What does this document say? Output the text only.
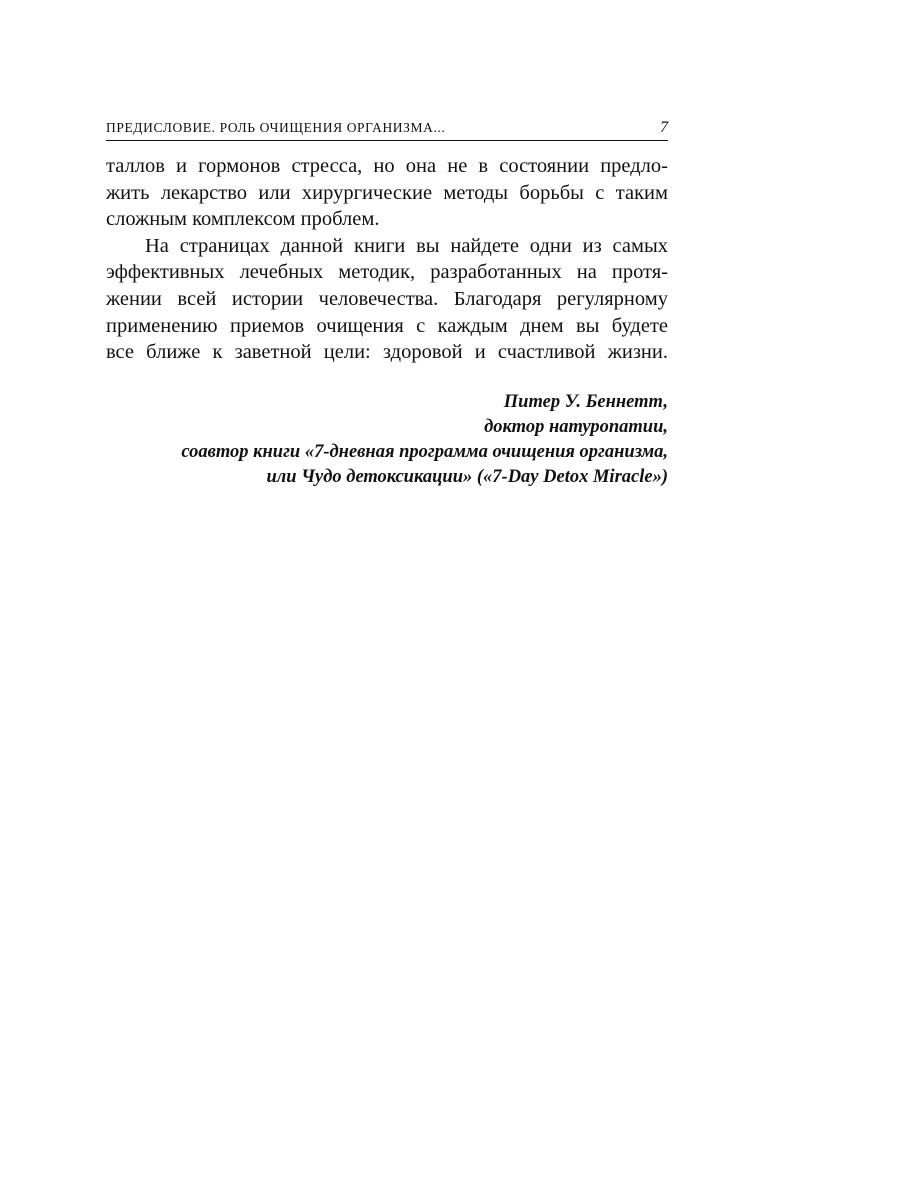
ПРЕДИСЛОВИЕ. РОЛЬ ОЧИЩЕНИЯ ОРГАНИЗМА...	7
таллов и гормонов стресса, но она не в состоянии предло-
жить лекарство или хирургические методы борьбы с таким
сложным комплексом проблем.
На страницах данной книги вы найдете одни из самых
эффективных лечебных методик, разработанных на протя-
жении всей истории человечества. Благодаря регулярному
применению приемов очищения с каждым днем вы будете
все ближе к заветной цели: здоровой и счастливой жизни.
Питер У. Беннетт,
доктор натуропатии,
соавтор книги «7-дневная программа очищения организма,
или Чудо детоксикации» («7-Day Detox Miracle»)
